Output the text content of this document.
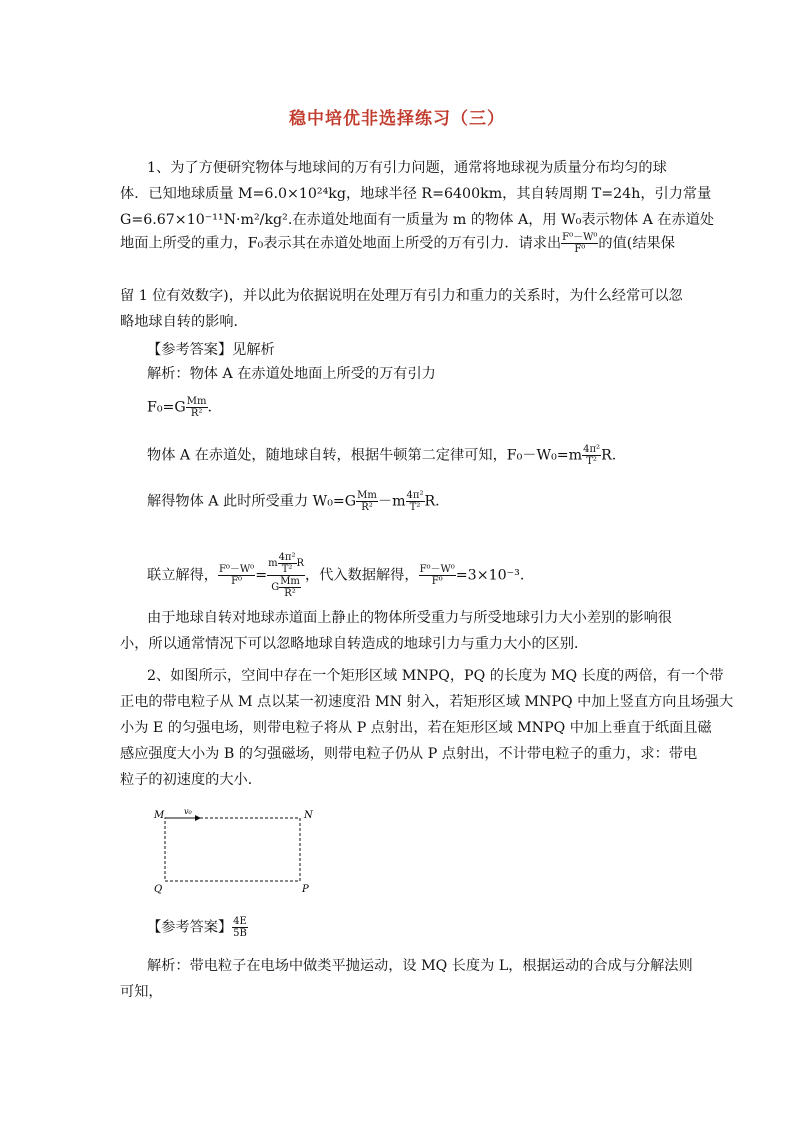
稳中培优非选择练习（三）
1、为了方便研究物体与地球间的万有引力问题，通常将地球视为质量分布均匀的球
体．已知地球质量 M=6.0×10²⁴kg，地球半径 R=6400km，其自转周期 T=24h，引力常量
G=6.67×10⁻¹¹N·m²/kg².在赤道处地面有一质量为 m 的物体 A，用 W₀表示物体 A 在赤道处
地面上所受的重力，F₀表示其在赤道处地面上所受的万有引力．请求出 $\frac{\text{F⁰－W⁰}}{\text{F⁰}}$ 的值(结果保
留 1 位有效数字)，并以此为依据说明在处理万有引力和重力的关系时，为什么经常可以忽
略地球自转的影响．
【参考答案】见解析
解析：物体 A 在赤道处地面上所受的万有引力
$F_0=G \frac{Mm}{\text{R²}}$ .
物体 A 在赤道处，随地球自转，根据牛顿第二定律可知，$F_0-W_0=m \frac{\text{4π²}}{\text{T²}} R$.
解得物体 A 此时所受重力 $W_0=G \frac{Mm}{\text{R²}} -m \frac{\text{4π²}}{\text{T²}} R$.
联立解得， $\frac{\text{F⁰－W⁰}}{\text{F⁰}} = \frac{m \frac{\text{4π²}}{\text{T²}} R}{G \frac{Mm}{\text{R²}}}$ ，代入数据解得， $\frac{\text{F⁰－W⁰}}{\text{F⁰}} =3\times 10^{-3}$.
由于地球自转对地球赤道面上静止的物体所受重力与所受地球引力大小差别的影响很
小，所以通常情况下可以忽略地球自转造成的地球引力与重力大小的区别．
2、如图所示，空间中存在一个矩形区域 MNPQ，PQ 的长度为 MQ 长度的两倍，有一个带
正电的带电粒子从 M 点以某一初速度沿 MN 射入，若矩形区域 MNPQ 中加上竖直方向且场强大
小为 E 的匀强电场，则带电粒子将从 P 点射出，若在矩形区域 MNPQ 中加上垂直于纸面且磁
感应强度大小为 B 的匀强磁场，则带电粒子仍从 P 点射出，不计带电粒子的重力，求：带电
粒子的初速度的大小．
M	N
P
Q
v₀
【参考答案】 $\frac{4E}{5B}$
解析：带电粒子在电场中做类平抛运动，设 MQ 长度为 L，根据运动的合成与分解法则
可知，
